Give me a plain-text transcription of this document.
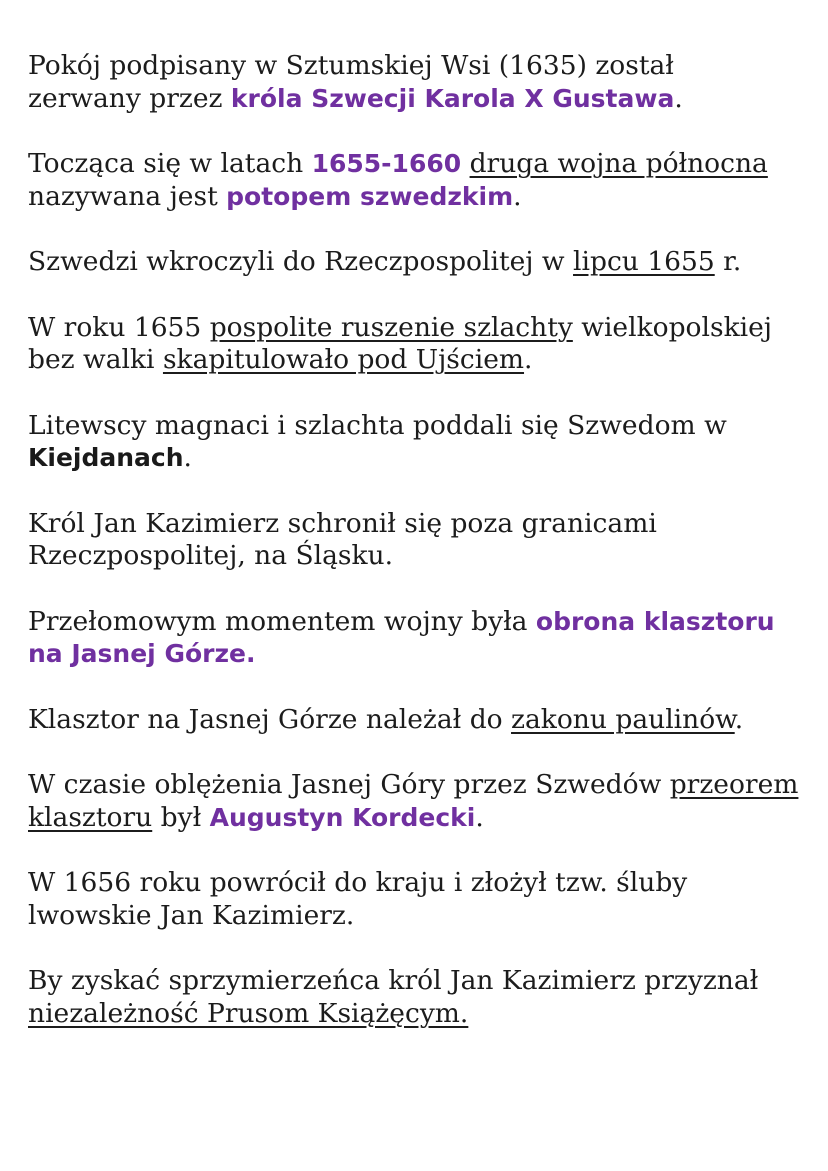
Pokój podpisany w Sztumskiej Wsi (1635) został
zerwany przez króla Szwecji Karola X Gustawa.

Tocząca się w latach 1655-1660 druga wojna północna
nazywana jest potopem szwedzkim.

Szwedzi wkroczyli do Rzeczpospolitej w lipcu 1655 r.

W roku 1655 pospolite ruszenie szlachty wielkopolskiej
bez walki skapitulowało pod Ujściem.

Litewscy magnaci i szlachta poddali się Szwedom w
Kiejdanach.

Król Jan Kazimierz schronił się poza granicami
Rzeczpospolitej, na Śląsku.

Przełomowym momentem wojny była obrona klasztoru
na Jasnej Górze.

Klasztor na Jasnej Górze należał do zakonu paulinów.

W czasie oblężenia Jasnej Góry przez Szwedów przeorem
klasztoru był Augustyn Kordecki.

W 1656 roku powrócił do kraju i złożył tzw. śluby
lwowskie Jan Kazimierz.

By zyskać sprzymierzeńca król Jan Kazimierz przyznał
niezależność Prusom Książęcym.
